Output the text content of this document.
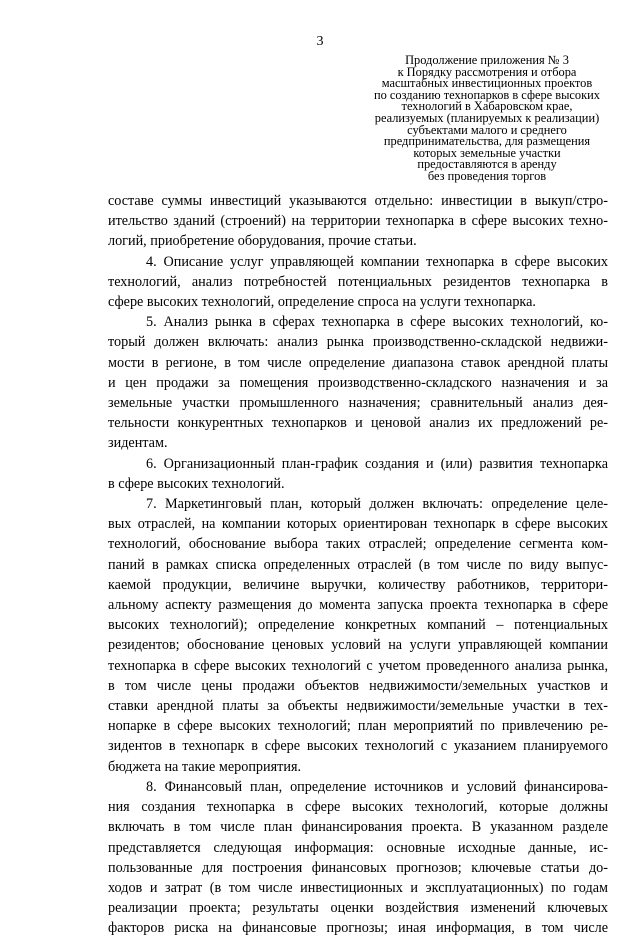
3
Продолжение приложения № 3
к Порядку рассмотрения и отбора
масштабных инвестиционных проектов
по созданию технопарков в сфере высоких
технологий в Хабаровском крае,
реализуемых (планируемых к реализации)
субъектами малого и среднего
предпринимательства, для размещения
которых земельные участки
предоставляются в аренду
без проведения торгов
составе суммы инвестиций указываются отдельно: инвестиции в выкуп/стро-
ительство зданий (строений) на территории технопарка в сфере высоких техно-
логий, приобретение оборудования, прочие статьи.
4. Описание услуг управляющей компании технопарка в сфере высоких
технологий, анализ потребностей потенциальных резидентов технопарка в
сфере высоких технологий, определение спроса на услуги технопарка.
5. Анализ рынка в сферах технопарка в сфере высоких технологий, ко-
торый должен включать: анализ рынка производственно-складской недвижи-
мости в регионе, в том числе определение диапазона ставок арендной платы
и цен продажи за помещения производственно-складского назначения и за
земельные участки промышленного назначения; сравнительный анализ дея-
тельности конкурентных технопарков и ценовой анализ их предложений ре-
зидентам.
6. Организационный план-график создания и (или) развития технопарка
в сфере высоких технологий.
7. Маркетинговый план, который должен включать: определение целе-
вых отраслей, на компании которых ориентирован технопарк в сфере высоких
технологий, обоснование выбора таких отраслей; определение сегмента ком-
паний в рамках списка определенных отраслей (в том числе по виду выпус-
каемой продукции, величине выручки, количеству работников, территори-
альному аспекту размещения до момента запуска проекта технопарка в сфере
высоких технологий); определение конкретных компаний – потенциальных
резидентов; обоснование ценовых условий на услуги управляющей компании
технопарка в сфере высоких технологий с учетом проведенного анализа рынка,
в том числе цены продажи объектов недвижимости/земельных участков и
ставки арендной платы за объекты недвижимости/земельные участки в тех-
нопарке в сфере высоких технологий; план мероприятий по привлечению ре-
зидентов в технопарк в сфере высоких технологий с указанием планируемого
бюджета на такие мероприятия.
8. Финансовый план, определение источников и условий финансирова-
ния создания технопарка в сфере высоких технологий, которые должны
включать в том числе план финансирования проекта. В указанном разделе
представляется следующая информация: основные исходные данные, ис-
пользованные для построения финансовых прогнозов; ключевые статьи до-
ходов и затрат (в том числе инвестиционных и эксплуатационных) по годам
реализации проекта; результаты оценки воздействия изменений ключевых
факторов риска на финансовые прогнозы; иная информация, в том числе
